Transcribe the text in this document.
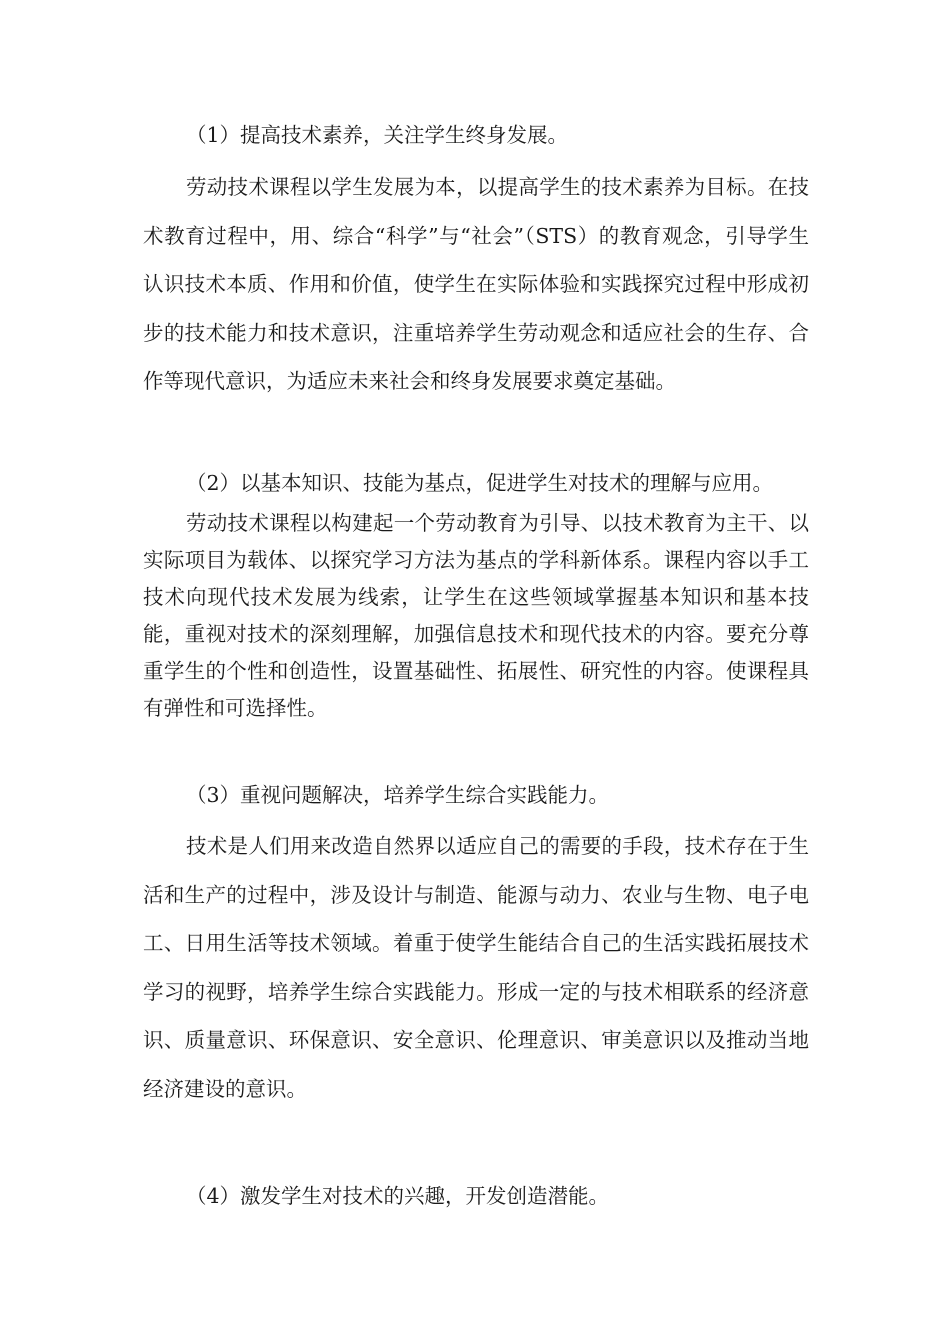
（1）提高技术素养，关注学生终身发展。

劳动技术课程以学生发展为本，以提高学生的技术素养为目标。在技术教育过程中，用、综合“科学”与“社会”（STS）的教育观念，引导学生认识技术本质、作用和价值，使学生在实际体验和实践探究过程中形成初步的技术能力和技术意识，注重培养学生劳动观念和适应社会的生存、合作等现代意识，为适应未来社会和终身发展要求奠定基础。

（2）以基本知识、技能为基点，促进学生对技术的理解与应用。

劳动技术课程以构建起一个劳动教育为引导、以技术教育为主干、以实际项目为载体、以探究学习方法为基点的学科新体系。课程内容以手工技术向现代技术发展为线索，让学生在这些领域掌握基本知识和基本技能，重视对技术的深刻理解，加强信息技术和现代技术的内容。要充分尊重学生的个性和创造性，设置基础性、拓展性、研究性的内容。使课程具有弹性和可选择性。

（3）重视问题解决，培养学生综合实践能力。

技术是人们用来改造自然界以适应自己的需要的手段，技术存在于生活和生产的过程中，涉及设计与制造、能源与动力、农业与生物、电子电工、日用生活等技术领域。着重于使学生能结合自己的生活实践拓展技术学习的视野，培养学生综合实践能力。形成一定的与技术相联系的经济意识、质量意识、环保意识、安全意识、伦理意识、审美意识以及推动当地经济建设的意识。

（4）激发学生对技术的兴趣，开发创造潜能。
